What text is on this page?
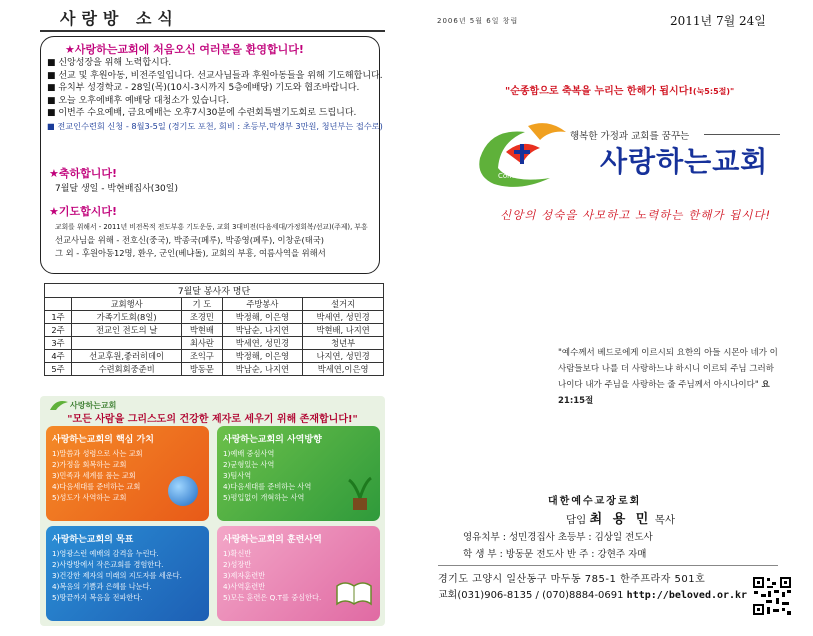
사랑방 소식
★사랑하는교회에 처음오신 여러분을 환영합니다!
■ 신앙성장을 위해 노력합시다.
■ 선교 및 후원아동, 비전주일입니다. 선교사님들과 후원아동들을 위해 기도해합니다.
■ 유치부 성경학교 - 28일(목)(10시-3시까지 5층에배당) 기도와 협조바랍니다.
■ 오늘 오후에배후 예배당 대청소가 있습니다.
■ 이번주 수요예배, 금요예배는 오후7시30분에 수련회특별기도회로 드립니다.
■ 전교인수련회 신청 - 8월3-5일 (경기도 포천, 회비 : 초등부,막생부 3만원, 청년부는 접수로)
★축하합니다!
7월달 생일 - 박현배집사(30일)
★기도합시다!
교회를 위해서 - 2011년 비전목적 전도부흥 기도운동, 교회 3대비전(다음세대/가정회복/선교)(주제), 부흥
선교사님을 위해 - 전호신(중국), 박종국(페루), 박종영(페루), 이창운(태국)
그 외 - 후원아동12명, 환우, 군인(베냐돌), 교회의 부흥, 여름사역을 위해서
7월달 봉사자 명단				
	교회행사	기 도	주방봉사	설거지
1주	가족기도회(8일)	조경민	박정해, 이은영	박세연, 성민경
2주	전교인 전도의 날	박현배	박남순, 나지연	박현배, 나지연
3주		최사란	박세연, 성민경	청년부
4주	선교후원,좋러히데이	조익구	박정해, 이은영	나지연, 성민경
5주	수련회회중준비	방동문	박남순, 나지연	박세연,이은영
사랑하는교회
"모든 사람을 그리스도의 건강한 제자로 세우기 위해 존재합니다!"
사랑하는교회의 핵심 가치
1)말씀과 성령으로 사는 교회
2)가정을 회복하는 교회
3)민족과 세계를 품는 교회
4)다음세대를 준비하는 교회
5)성도가 사역하는 교회
사랑하는교회의 사역방향
1)예배 중심사역
2)균형있는 사역
3)팀사역
4)다음세대를 준비하는 사역
5)평입없이 개혁하는 사역
사랑하는교회의 목표
1)영광스런 예배의 감격을 누린다.
2)사랑방에서 작은교회를 경험한다.
3)건강한 제자의 미래의 지도자를 세운다.
4)복음의 기쁨과 은혜를 나눈다.
5)땅끝까지 복음을 전파한다.
사랑하는교회의 훈련사역
1)확신반
2)성장반
3)제자훈련반
4)사역훈련반
5)모든 훈련은 Q.T를 중심한다.
2006년 5월 6일 창립	2011년 7월 24일
"순종함으로 축복을 누리는 한해가 됩시다!(눅5:5절)"
Community Church
행복한 가정과 교회를 꿈꾸는
사랑하는교회
신앙의 성숙을 사모하고 노력하는 한해가 됩시다!
"예수께서 베드로에게 이르시되 요한의 아들 시몬아 네가 이 사람들보다 나를 더 사랑하느냐 하시니 이르되 주님 그러하나이다 내가 주님을 사랑하는 줄 주님께서 아시나이다" 요21:15절
대한예수교장로회
담임 최 용 민 목사
영유치부 : 성민경집사 초등부 : 김상일 전도사
학 생 부 : 방동문 전도사 반 주 : 강현주 자매
경기도 고양시 일산동구 마두동 785-1 한주프라자 501호
교회(031)906-8135 / (070)8884-0691 http://beloved.or.kr
